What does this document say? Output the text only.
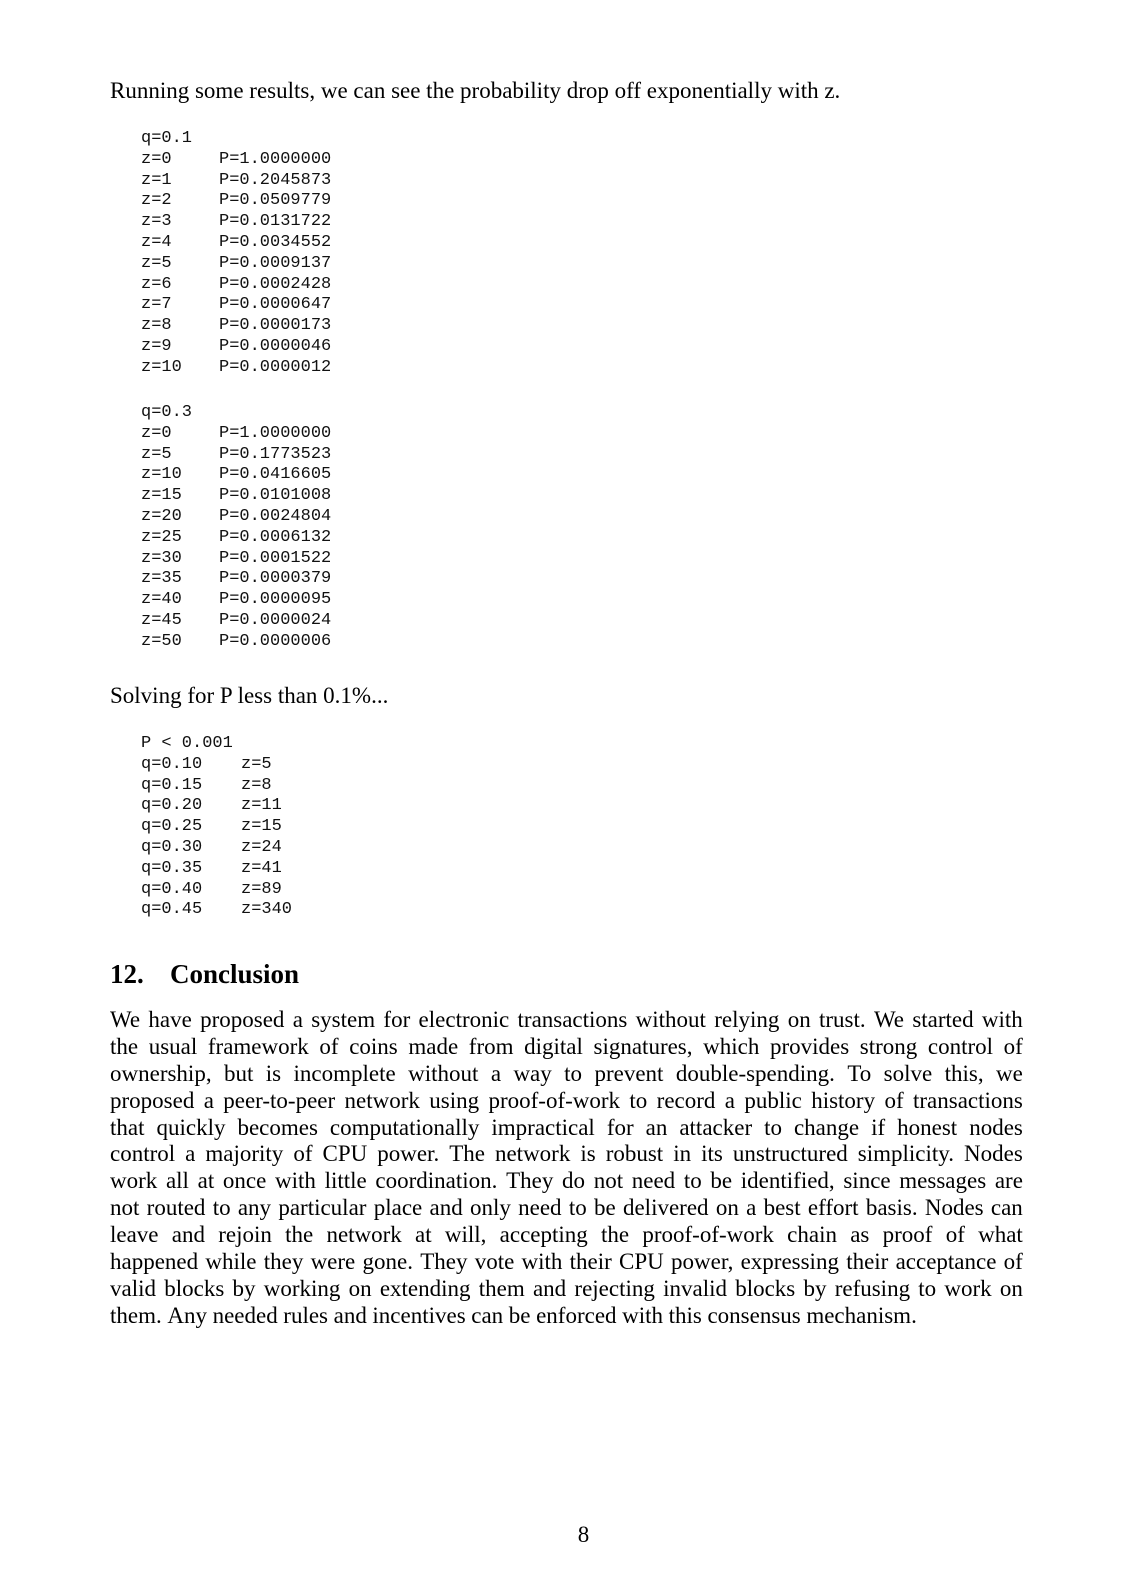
Running some results, we can see the probability drop off exponentially with z.

q=0.1
z=0	P=1.0000000
z=1	P=0.2045873
z=2	P=0.0509779
z=3	P=0.0131722
z=4	P=0.0034552
z=5	P=0.0009137
z=6	P=0.0002428
z=7	P=0.0000647
z=8	P=0.0000173
z=9	P=0.0000046
z=10	P=0.0000012
q=0.3
z=0	P=1.0000000
z=5	P=0.1773523
z=10	P=0.0416605
z=15	P=0.0101008
z=20	P=0.0024804
z=25	P=0.0006132
z=30	P=0.0001522
z=35	P=0.0000379
z=40	P=0.0000095
z=45	P=0.0000024
z=50	P=0.0000006

Solving for P less than 0.1%...

P < 0.001
q=0.10	z=5
q=0.15	z=8
q=0.20	z=11
q=0.25	z=15
q=0.30	z=24
q=0.35	z=41
q=0.40	z=89
q=0.45	z=340
12. Conclusion
We have proposed a system for electronic transactions without relying on trust. We started with
the usual framework of coins made from digital signatures, which provides strong control of
ownership, but is incomplete without a way to prevent double-spending. To solve this, we
proposed a peer-to-peer network using proof-of-work to record a public history of transactions
that quickly becomes computationally impractical for an attacker to change if honest nodes
control a majority of CPU power. The network is robust in its unstructured simplicity. Nodes
work all at once with little coordination. They do not need to be identified, since messages are
not routed to any particular place and only need to be delivered on a best effort basis. Nodes can
leave and rejoin the network at will, accepting the proof-of-work chain as proof of what
happened while they were gone. They vote with their CPU power, expressing their acceptance of
valid blocks by working on extending them and rejecting invalid blocks by refusing to work on
them. Any needed rules and incentives can be enforced with this consensus mechanism.
8
